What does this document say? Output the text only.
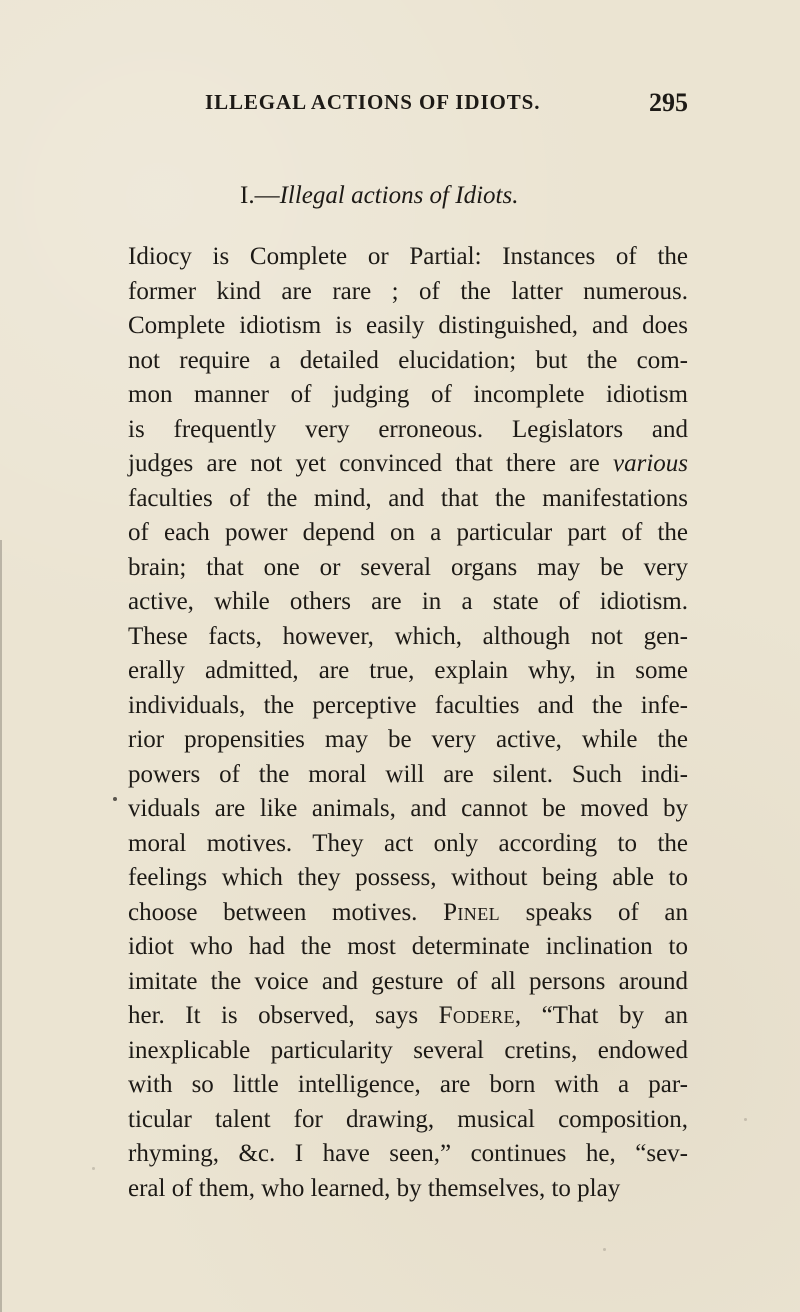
ILLEGAL ACTIONS OF IDIOTS.	295
I.—Illegal actions of Idiots.
Idiocy is Complete or Partial: Instances of the
former kind are rare ; of the latter numerous.
Complete idiotism is easily distinguished, and does
not require a detailed elucidation; but the com-
mon manner of judging of incomplete idiotism
is frequently very erroneous. Legislators and
judges are not yet convinced that there are various
faculties of the mind, and that the manifestations
of each power depend on a particular part of the
brain; that one or several organs may be very
active, while others are in a state of idiotism.
These facts, however, which, although not gen-
erally admitted, are true, explain why, in some
individuals, the perceptive faculties and the infe-
rior propensities may be very active, while the
powers of the moral will are silent. Such indi-
viduals are like animals, and cannot be moved by
moral motives. They act only according to the
feelings which they possess, without being able to
choose between motives. Pinel speaks of an
idiot who had the most determinate inclination to
imitate the voice and gesture of all persons around
her. It is observed, says Fodere, “That by an
inexplicable particularity several cretins, endowed
with so little intelligence, are born with a par-
ticular talent for drawing, musical composition,
rhyming, &c. I have seen,” continues he, “sev-
eral of them, who learned, by themselves, to play
